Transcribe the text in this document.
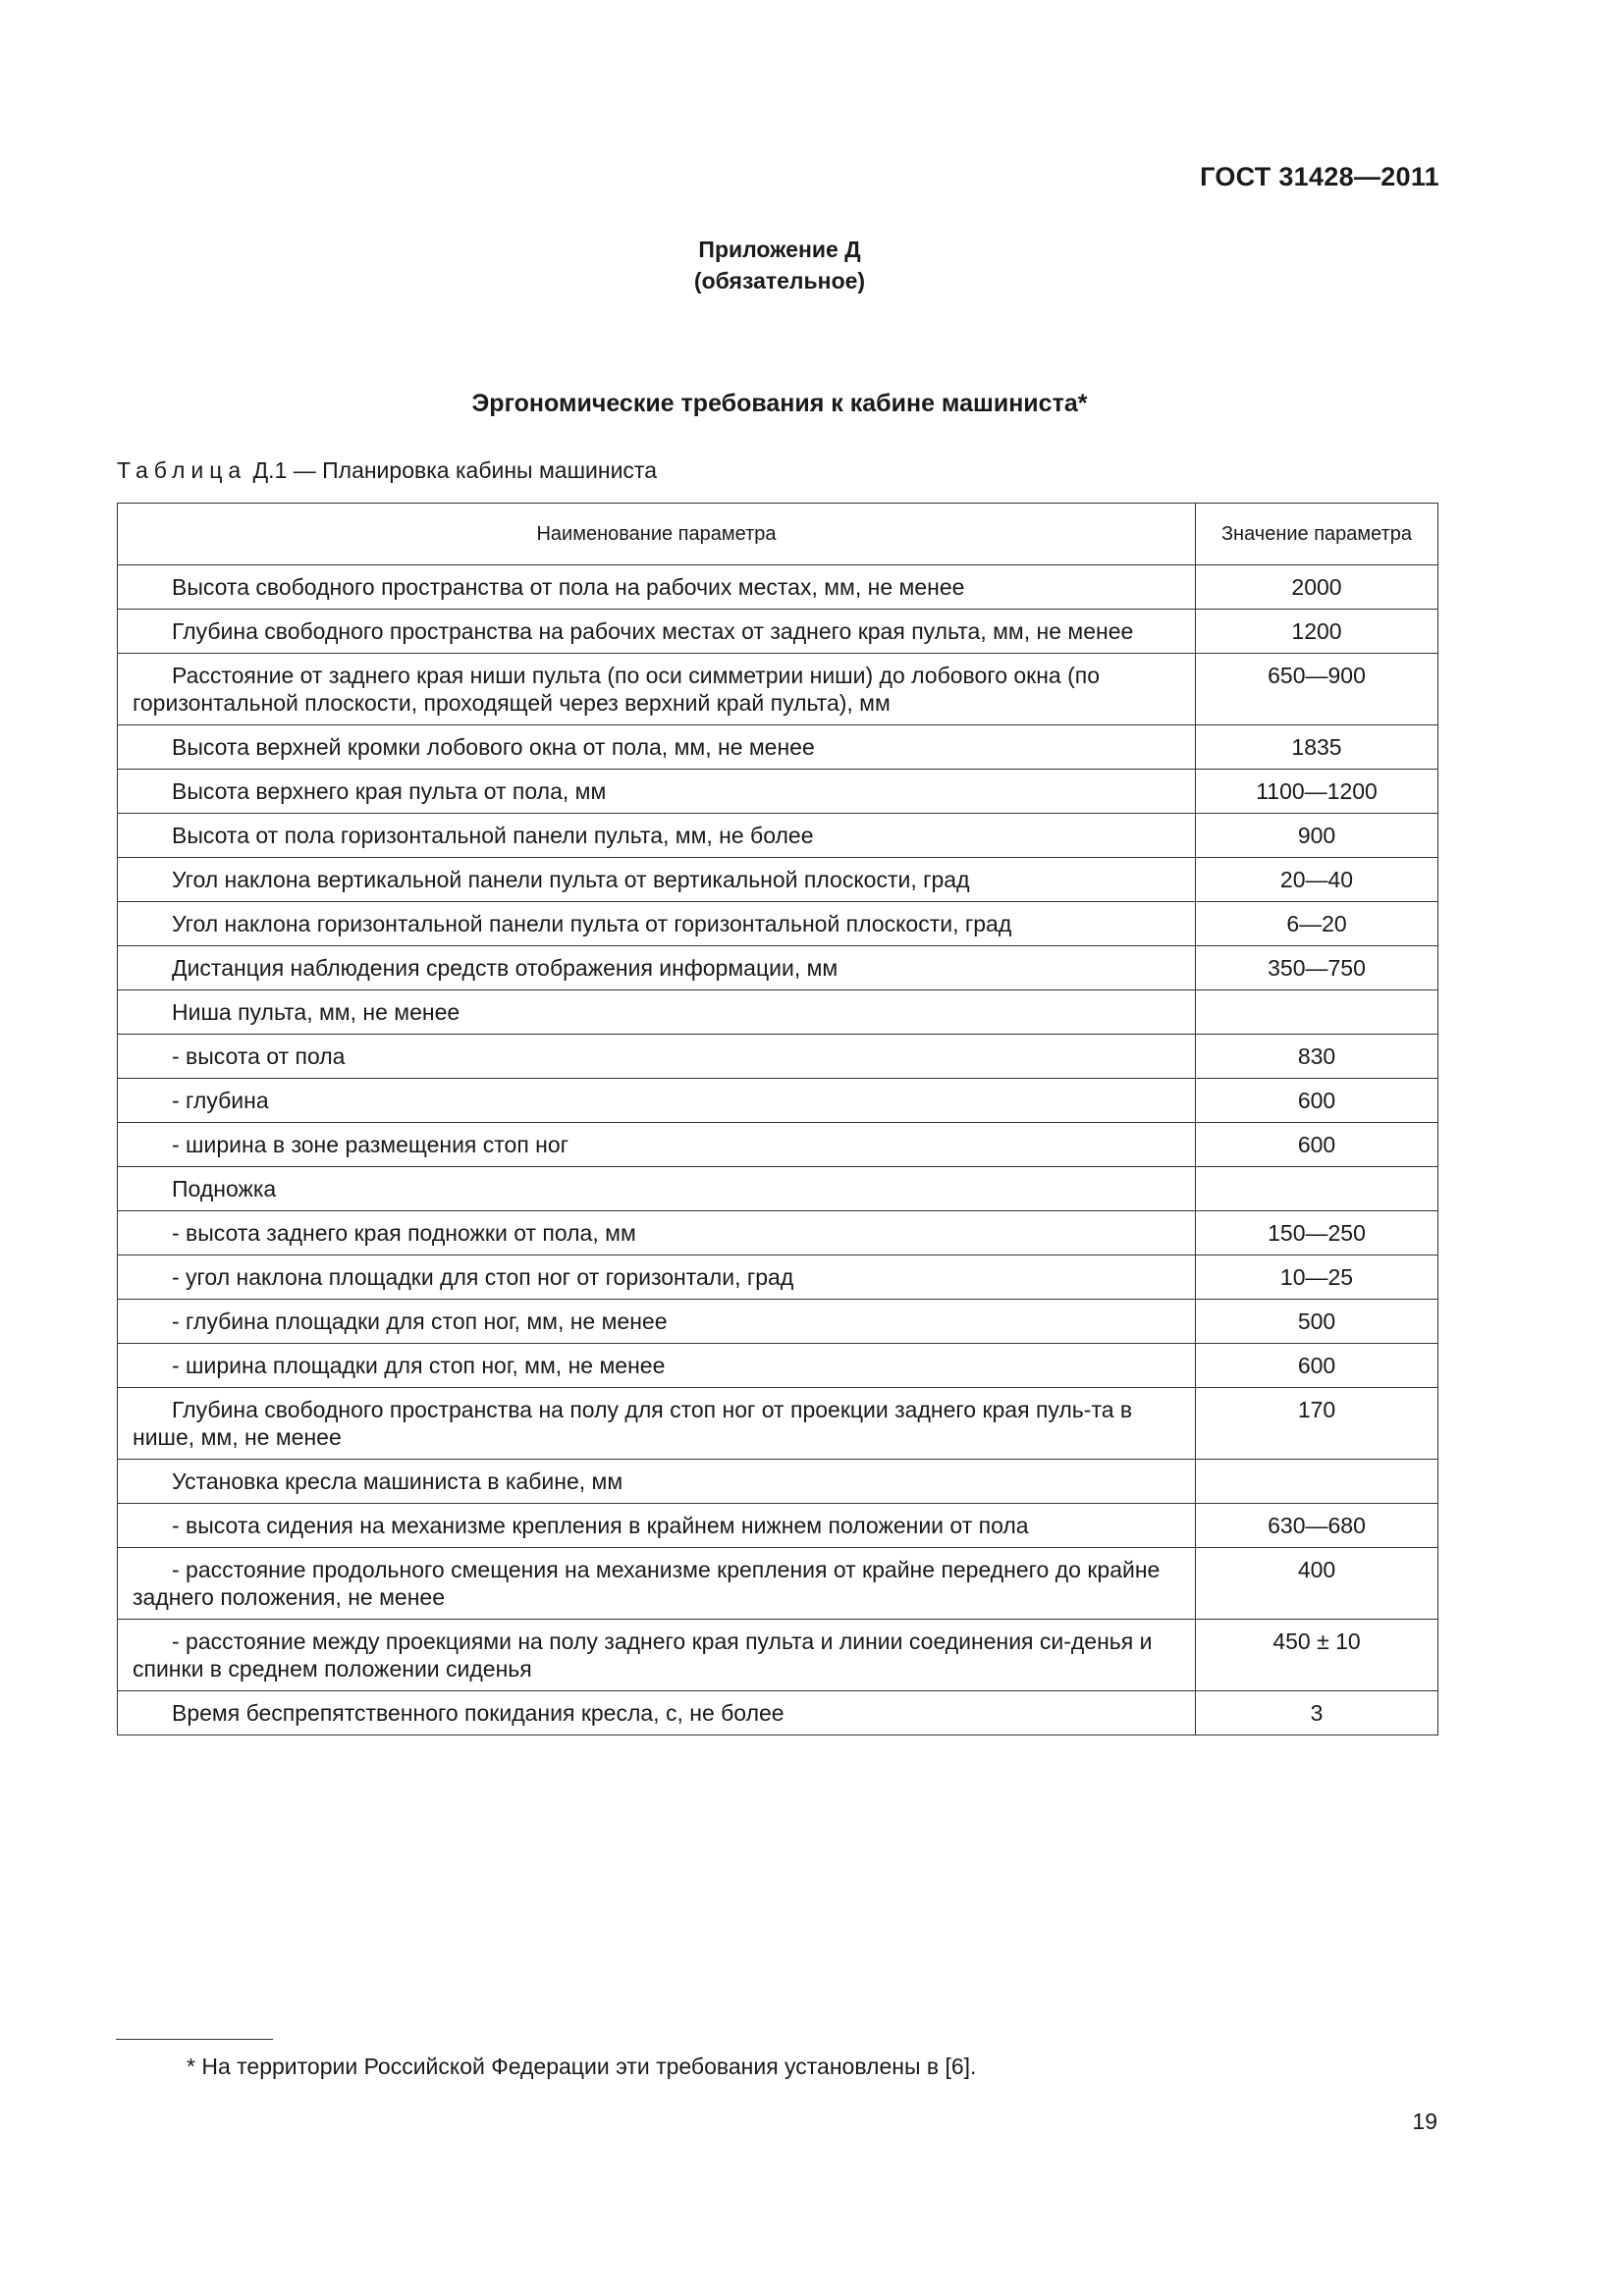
ГОСТ 31428—2011
Приложение Д
(обязательное)
Эргономические требования к кабине машиниста*
Таблица Д.1 — Планировка кабины машиниста
Наименование параметра	Значение параметра
Высота свободного пространства от пола на рабочих местах, мм, не менее	2000
Глубина свободного пространства на рабочих местах от заднего края пульта, мм, не менее	1200
Расстояние от заднего края ниши пульта (по оси симметрии ниши) до лобового окна (по горизонтальной плоскости, проходящей через верхний край пульта), мм	650—900
Высота верхней кромки лобового окна от пола, мм, не менее	1835
Высота верхнего края пульта от пола, мм	1100—1200
Высота от пола горизонтальной панели пульта, мм, не более	900
Угол наклона вертикальной панели пульта от вертикальной плоскости, град	20—40
Угол наклона горизонтальной панели пульта от горизонтальной плоскости, град	6—20
Дистанция наблюдения средств отображения информации, мм	350—750
Ниша пульта, мм, не менее	
- высота от пола	830
- глубина	600
- ширина в зоне размещения стоп ног	600
Подножка	
- высота заднего края подножки от пола, мм	150—250
- угол наклона площадки для стоп ног от горизонтали, град	10—25
- глубина площадки для стоп ног, мм, не менее	500
- ширина площадки для стоп ног, мм, не менее	600
Глубина свободного пространства на полу для стоп ног от проекции заднего края пуль-та в нише, мм, не менее	170
Установка кресла машиниста в кабине, мм	
- высота сидения на механизме крепления в крайнем нижнем положении от пола	630—680
- расстояние продольного смещения на механизме крепления от крайне переднего до крайне заднего положения, не менее	400
- расстояние между проекциями на полу заднего края пульта и линии соединения си-денья и спинки в среднем положении сиденья	450 ± 10
Время беспрепятственного покидания кресла, с, не более	3
* На территории Российской Федерации эти требования установлены в [6].
19
